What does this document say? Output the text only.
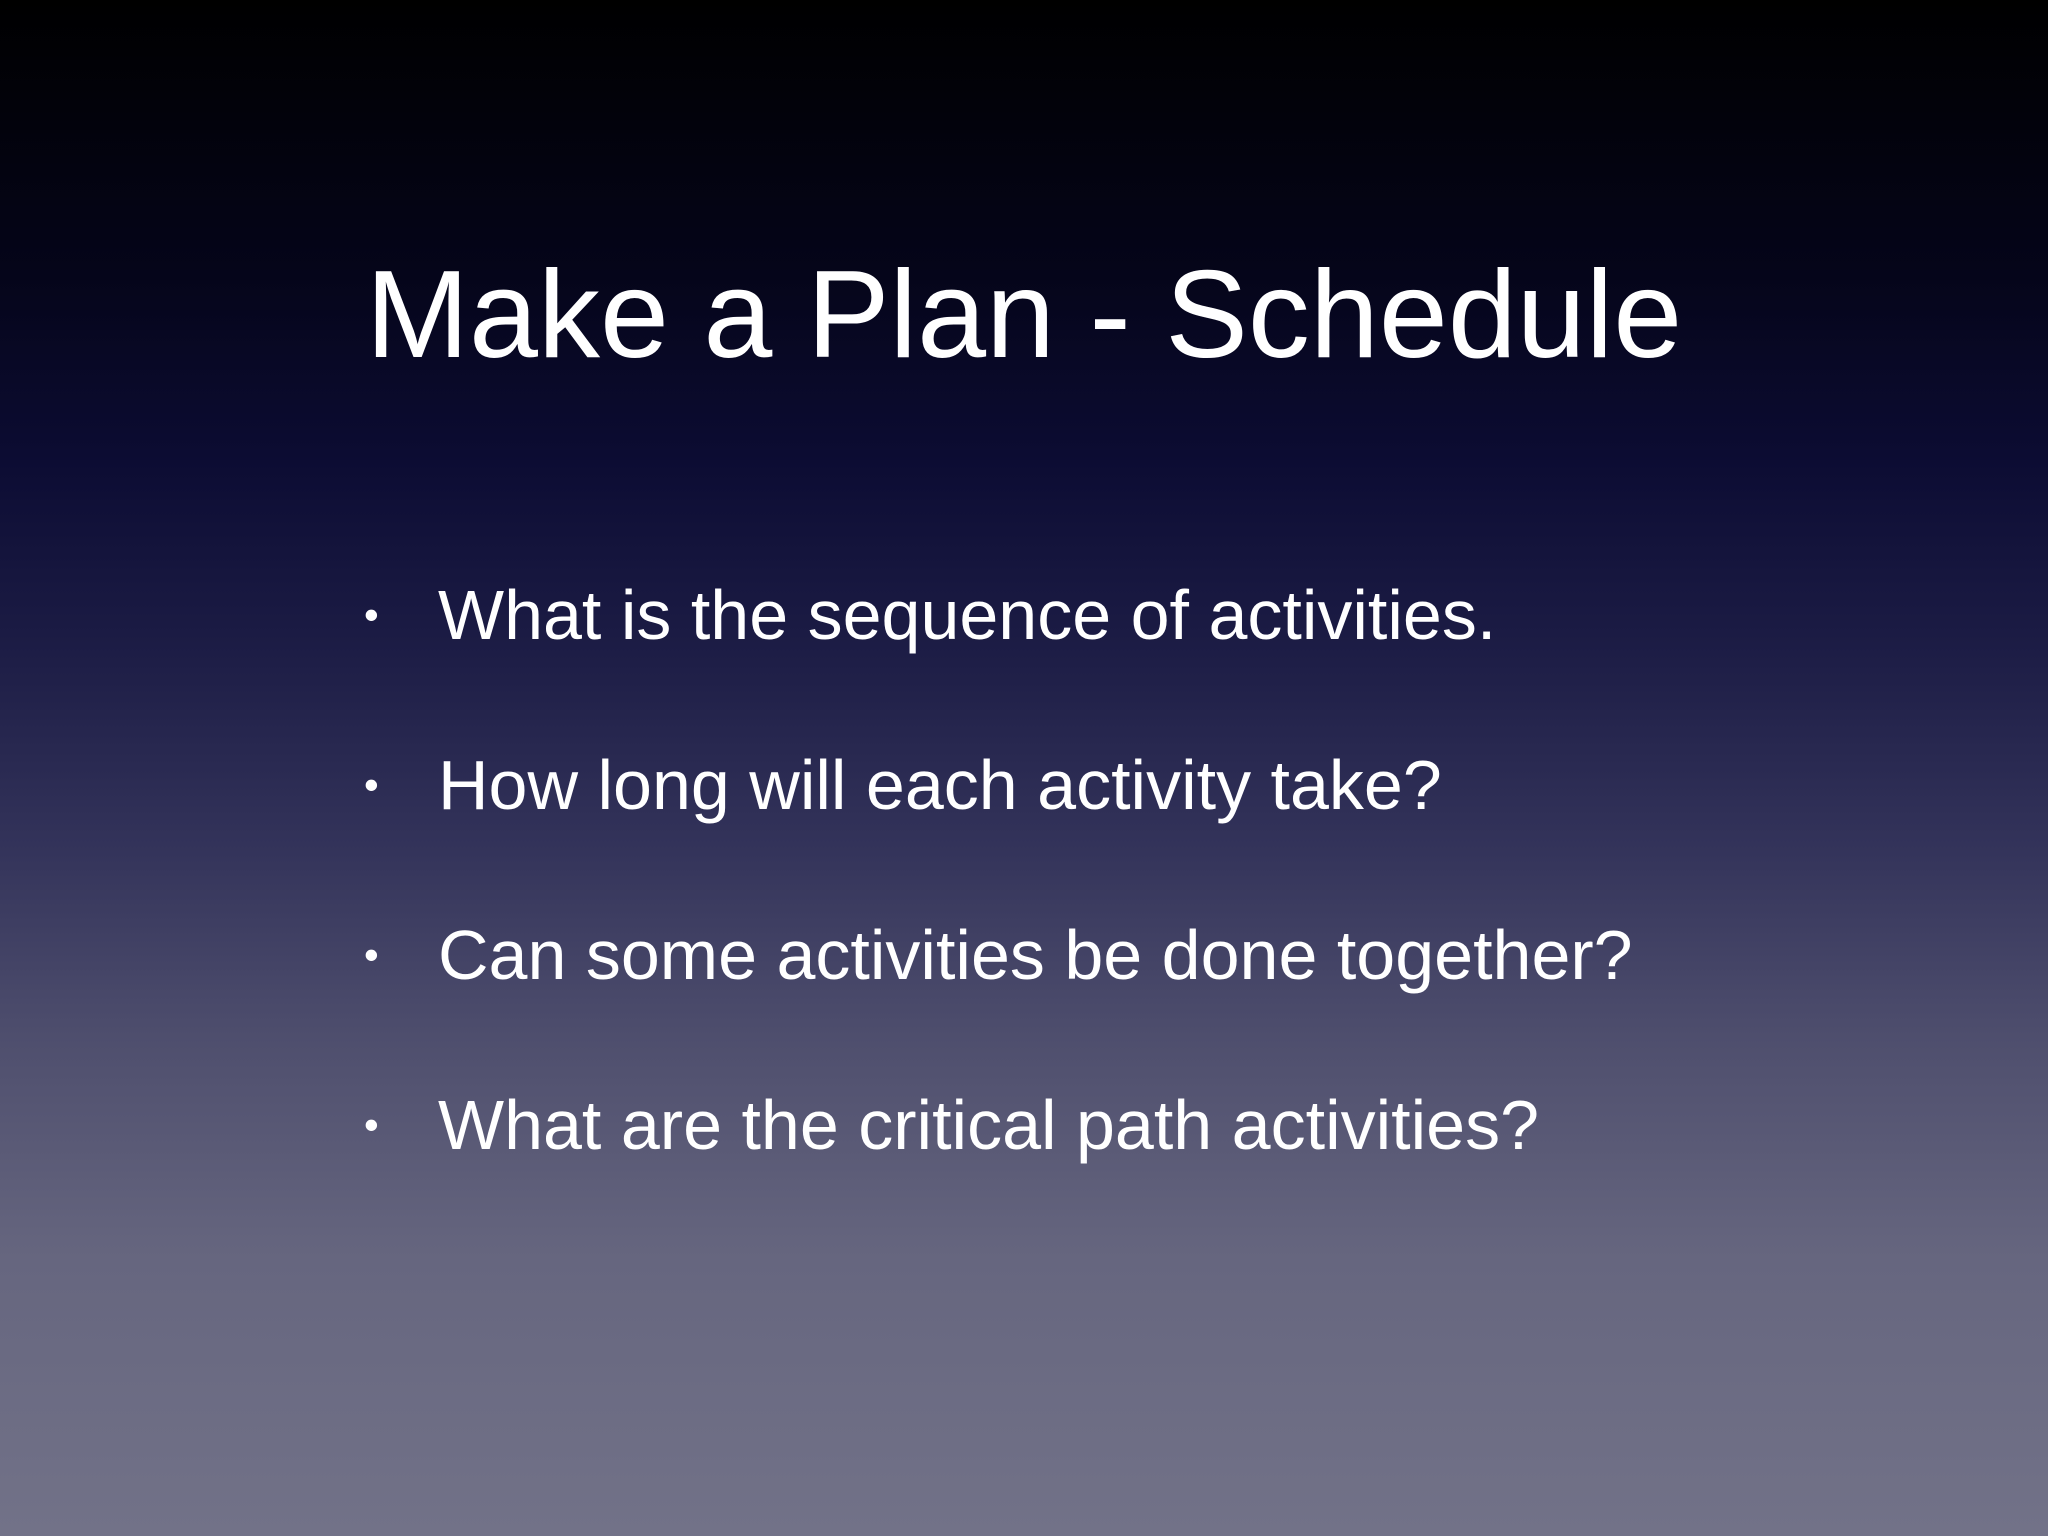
Make a Plan - Schedule
• What is the sequence of activities.
• How long will each activity take?
• Can some activities be done together?
• What are the critical path activities?
